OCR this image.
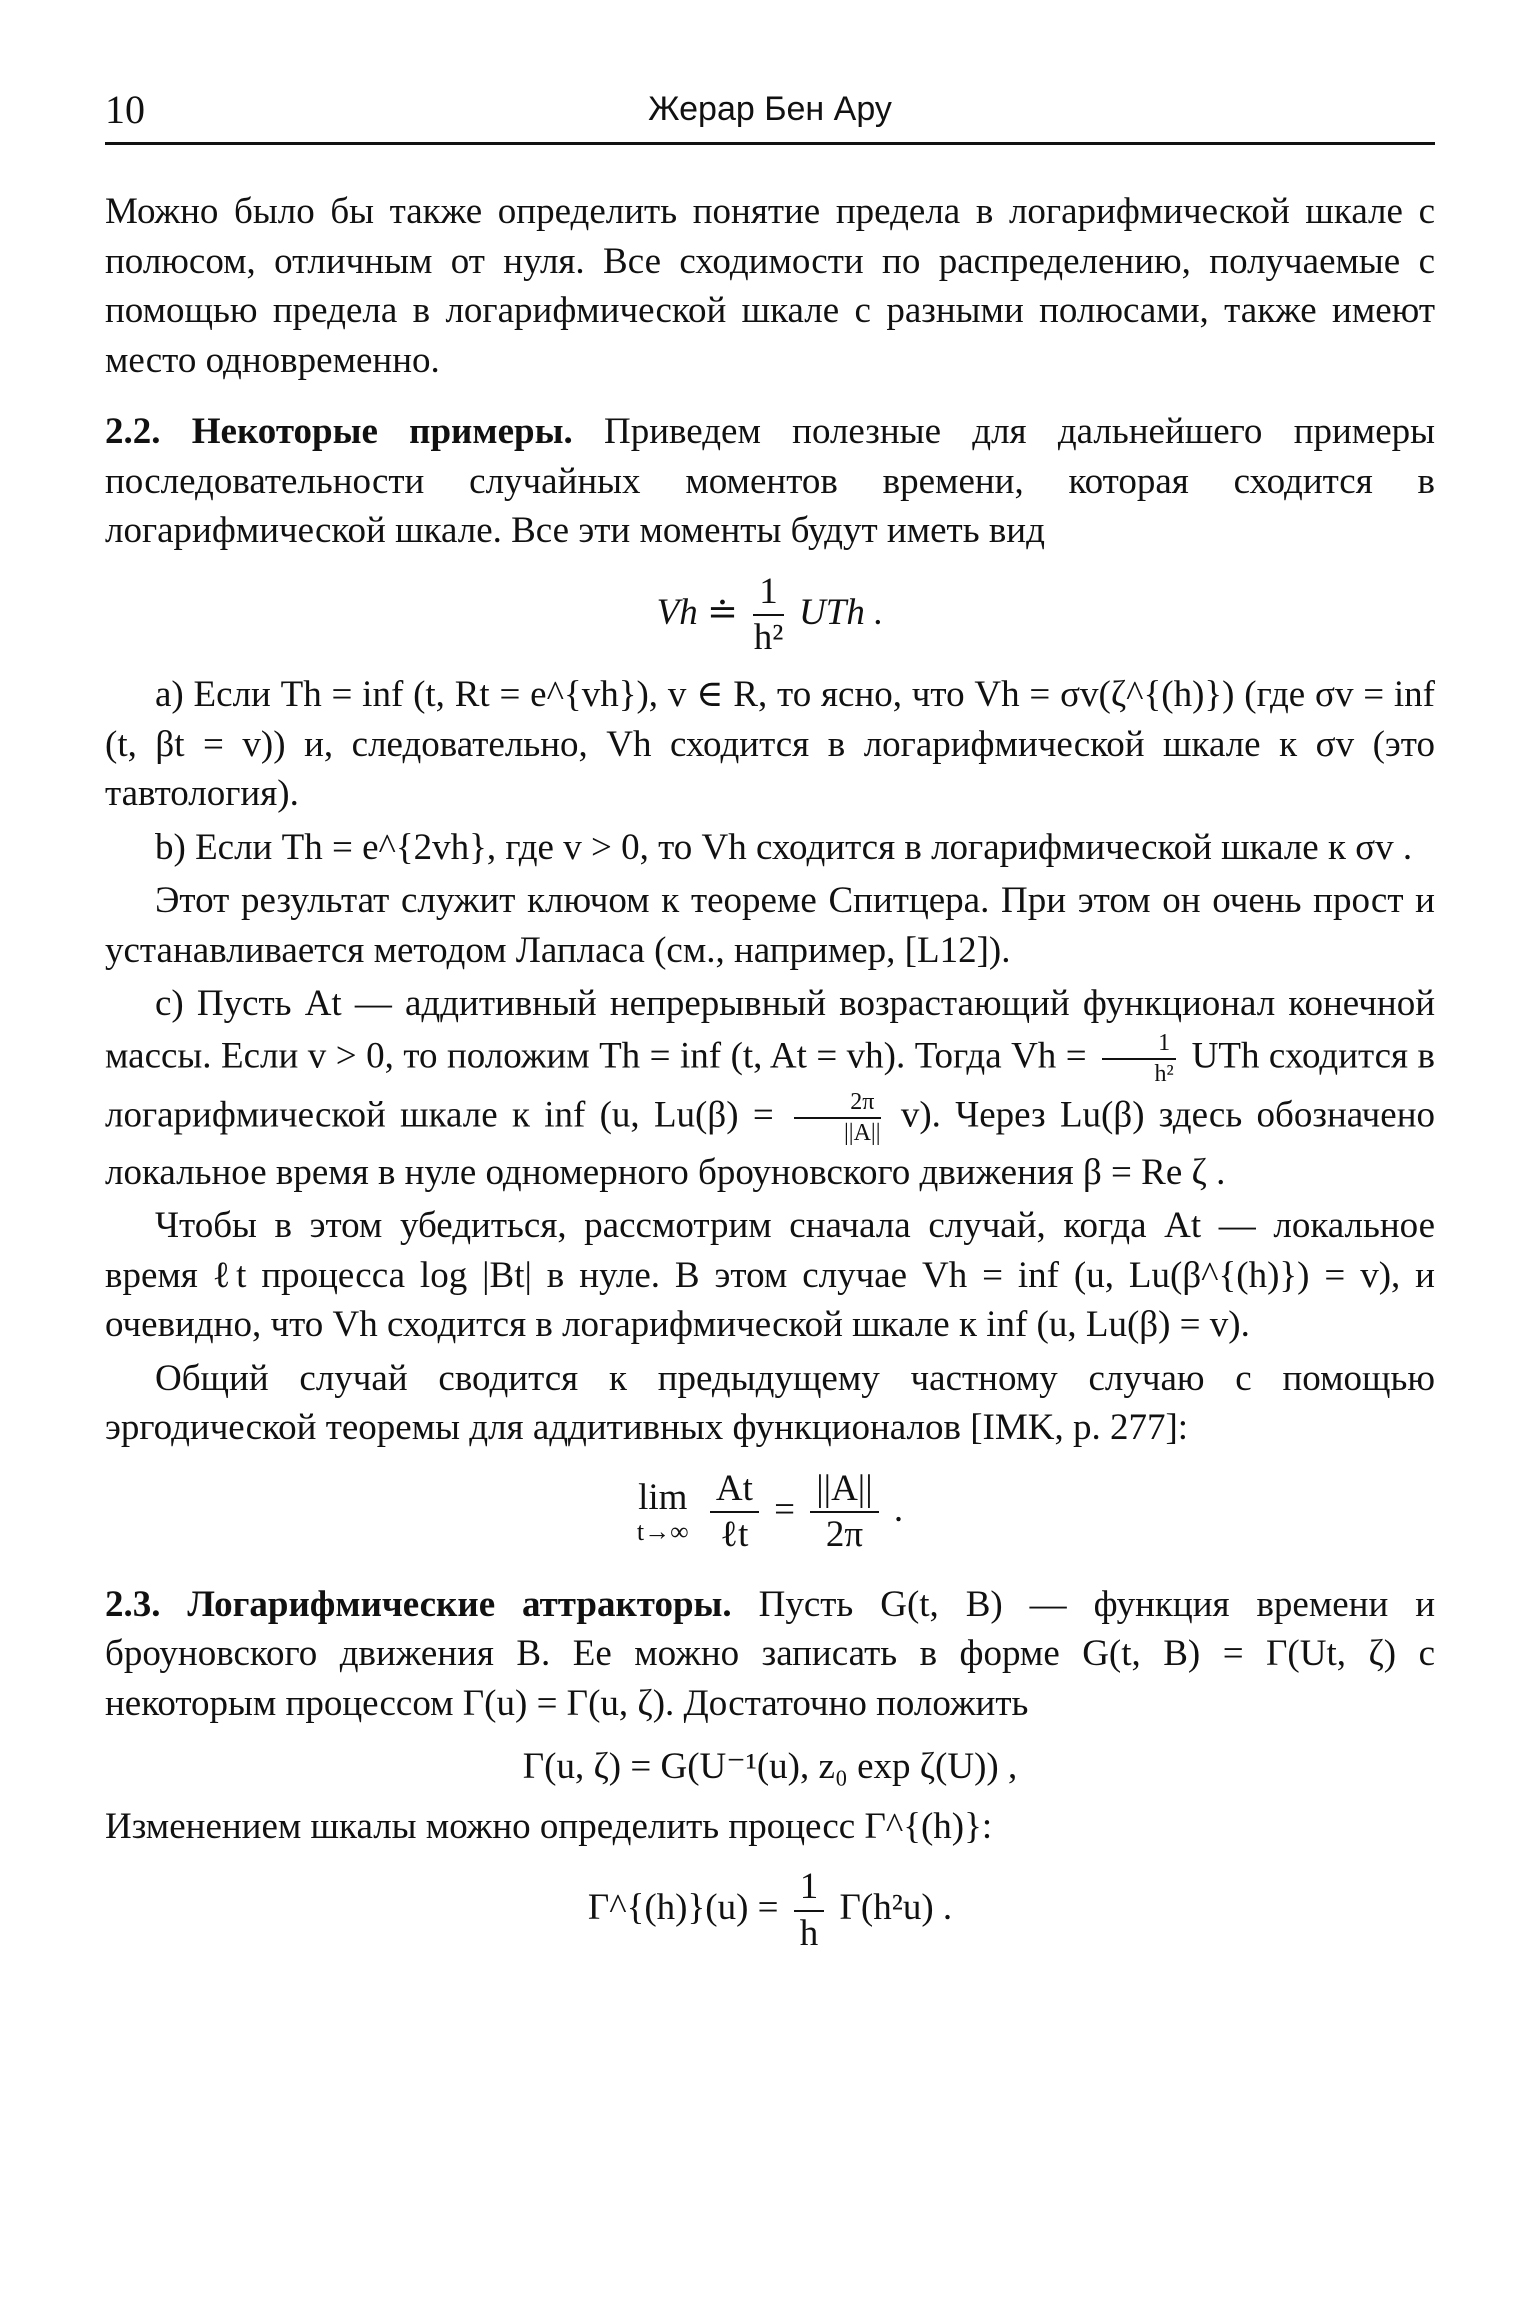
10	Жерар Бен Ару

Можно было бы также определить понятие предела в логарифмической шкале с полюсом, отличным от нуля. Все сходимости по распределению, получаемые с помощью предела в логарифмической шкале с разными полюсами, также имеют место одновременно.

2.2. Некоторые примеры. Приведем полезные для дальнейшего примеры последовательности случайных моментов времени, которая сходится в логарифмической шкале. Все эти моменты будут иметь вид

Vh ≐ $\frac{1}{\text{h²}}$ UTh .

a) Если Th = inf (t, Rt = e^{vh}), v ∈ R, то ясно, что Vh = σv(ζ^{(h)}) (где σv = inf (t, βt = v)) и, следовательно, Vh сходится в логарифмической шкале к σv (это тавтология).

b) Если Th = e^{2vh}, где v > 0, то Vh сходится в логарифмической шкале к σv .

Этот результат служит ключом к теореме Спитцера. При этом он очень прост и устанавливается методом Лапласа (см., например, [L12]).

c) Пусть At — аддитивный непрерывный возрастающий функционал конечной массы. Если v > 0, то положим Th = inf (t, At = vh). Тогда $Vh = \frac{1}{\text{h²}}$ UTh сходится в логарифмической шкале к inf (u, $Lu(\beta) = \frac{2\pi}{||A||} v$). Через Lu(β) здесь обозначено локальное время в нуле одномерного броуновского движения β = Re ζ .

Чтобы в этом убедиться, рассмотрим сначала случай, когда At — локальное время ℓt процесса log |Bt| в нуле. В этом случае Vh = inf (u, Lu(β^{(h)}) = v), и очевидно, что Vh сходится в логарифмической шкале к inf (u, Lu(β) = v).

Общий случай сводится к предыдущему частному случаю с помощью эргодической теоремы для аддитивных функционалов [IMK, p. 277]:

lim
t→∞
$\frac{At}{\text{ℓt}} = \frac{||A||}{2\pi}$ .

2.3. Логарифмические аттракторы. Пусть G(t, B) — функция времени и броуновского движения B. Ее можно записать в форме G(t, B) = Γ(Ut, ζ) с некоторым процессом Γ(u) = Γ(u, ζ). Достаточно положить

Γ(u, ζ) = G(U⁻¹(u), z₀ exp ζ(U)) ,

Изменением шкалы можно определить процесс Γ^{(h)}:

Γ^{(h)}(u) = $\frac{1}{h} \Gamma(h^2u)$ .
